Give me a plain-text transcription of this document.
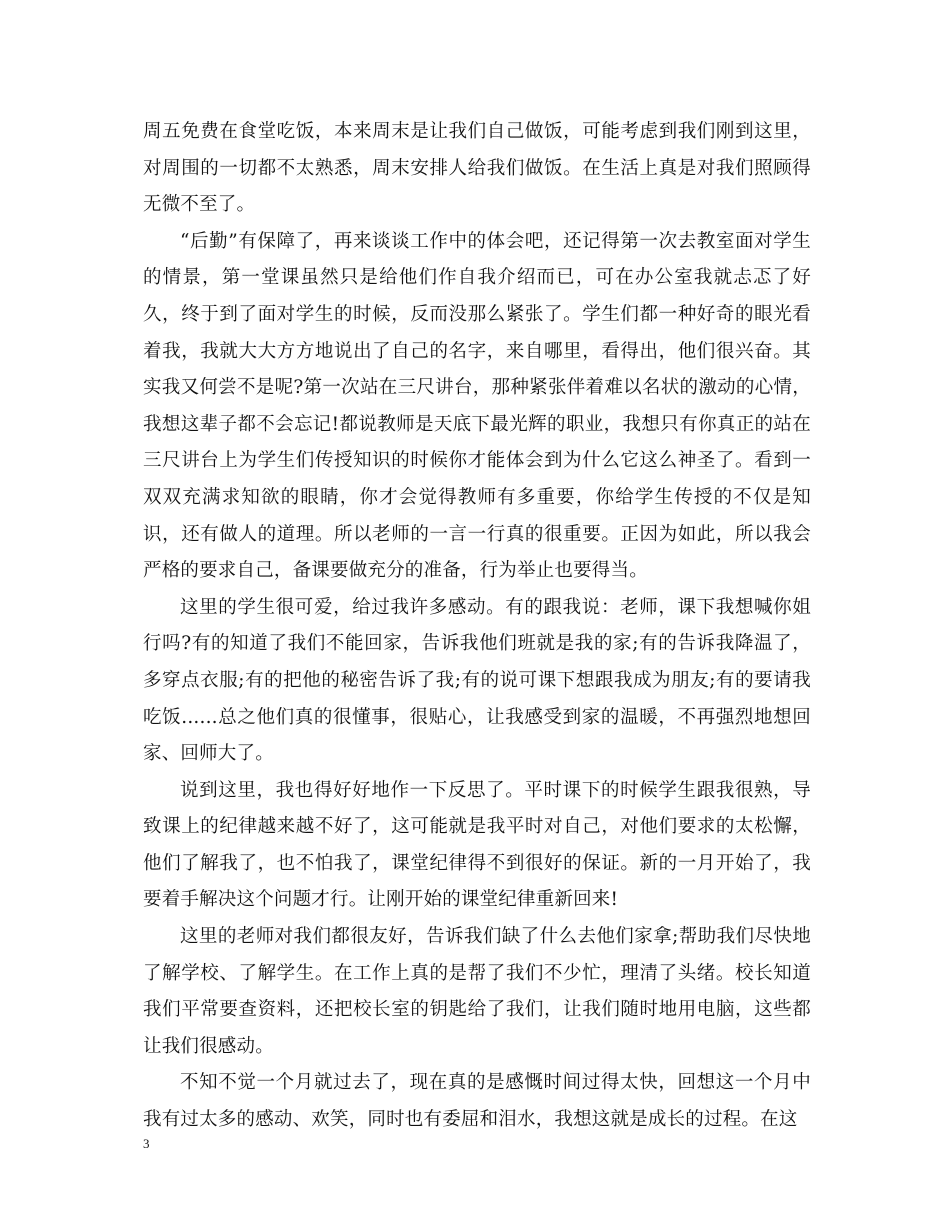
周五免费在食堂吃饭，本来周末是让我们自己做饭，可能考虑到我们刚到这里，对周围的一切都不太熟悉，周末安排人给我们做饭。在生活上真是对我们照顾得无微不至了。

“后勤”有保障了，再来谈谈工作中的体会吧，还记得第一次去教室面对学生的情景，第一堂课虽然只是给他们作自我介绍而已，可在办公室我就忐忑了好久，终于到了面对学生的时候，反而没那么紧张了。学生们都一种好奇的眼光看着我，我就大大方方地说出了自己的名字，来自哪里，看得出，他们很兴奋。其实我又何尝不是呢?第一次站在三尺讲台，那种紧张伴着难以名状的激动的心情，我想这辈子都不会忘记!都说教师是天底下最光辉的职业，我想只有你真正的站在三尺讲台上为学生们传授知识的时候你才能体会到为什么它这么神圣了。看到一双双充满求知欲的眼睛，你才会觉得教师有多重要，你给学生传授的不仅是知识，还有做人的道理。所以老师的一言一行真的很重要。正因为如此，所以我会严格的要求自己，备课要做充分的准备，行为举止也要得当。

这里的学生很可爱，给过我许多感动。有的跟我说：老师，课下我想喊你姐行吗?有的知道了我们不能回家，告诉我他们班就是我的家;有的告诉我降温了，多穿点衣服;有的把他的秘密告诉了我;有的说可课下想跟我成为朋友;有的要请我吃饭......总之他们真的很懂事，很贴心，让我感受到家的温暖，不再强烈地想回家、回师大了。

说到这里，我也得好好地作一下反思了。平时课下的时候学生跟我很熟，导致课上的纪律越来越不好了，这可能就是我平时对自己，对他们要求的太松懈，他们了解我了，也不怕我了，课堂纪律得不到很好的保证。新的一月开始了，我要着手解决这个问题才行。让刚开始的课堂纪律重新回来!

这里的老师对我们都很友好，告诉我们缺了什么去他们家拿;帮助我们尽快地了解学校、了解学生。在工作上真的是帮了我们不少忙，理清了头绪。校长知道我们平常要查资料，还把校长室的钥匙给了我们，让我们随时地用电脑，这些都让我们很感动。

不知不觉一个月就过去了，现在真的是感慨时间过得太快，回想这一个月中我有过太多的感动、欢笑，同时也有委屈和泪水，我想这就是成长的过程。在这

3
